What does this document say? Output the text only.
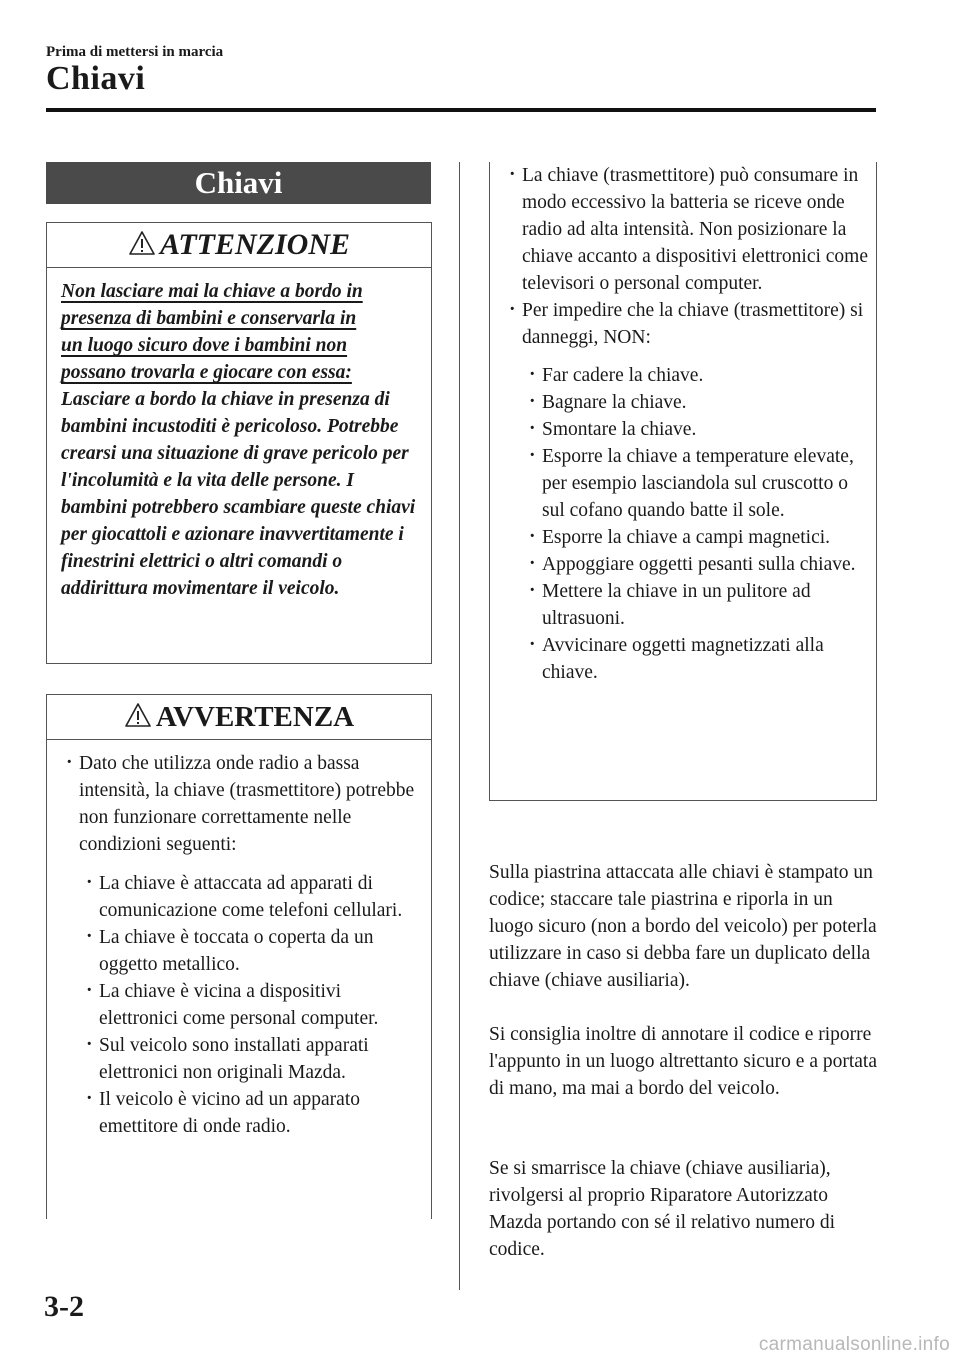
Prima di mettersi in marcia
Chiavi
Chiavi
ATTENZIONE
Non lasciare mai la chiave a bordo in
presenza di bambini e conservarla in
un luogo sicuro dove i bambini non
possano trovarla e giocare con essa:
Lasciare a bordo la chiave in presenza di bambini incustoditi è pericoloso. Potrebbe crearsi una situazione di grave pericolo per l'incolumità e la vita delle persone. I bambini potrebbero scambiare queste chiavi per giocattoli e azionare inavvertitamente i finestrini elettrici o altri comandi o addirittura movimentare il veicolo.
AVVERTENZA
· Dato che utilizza onde radio a bassa intensità, la chiave (trasmettitore) potrebbe non funzionare correttamente nelle condizioni seguenti:
· La chiave è attaccata ad apparati di comunicazione come telefoni cellulari.
· La chiave è toccata o coperta da un oggetto metallico.
· La chiave è vicina a dispositivi elettronici come personal computer.
· Sul veicolo sono installati apparati elettronici non originali Mazda.
· Il veicolo è vicino ad un apparato emettitore di onde radio.
· La chiave (trasmettitore) può consumare in modo eccessivo la batteria se riceve onde radio ad alta intensità. Non posizionare la chiave accanto a dispositivi elettronici come televisori o personal computer.
· Per impedire che la chiave (trasmettitore) si danneggi, NON:
· Far cadere la chiave.
· Bagnare la chiave.
· Smontare la chiave.
· Esporre la chiave a temperature elevate, per esempio lasciandola sul cruscotto o sul cofano quando batte il sole.
· Esporre la chiave a campi magnetici.
· Appoggiare oggetti pesanti sulla chiave.
· Mettere la chiave in un pulitore ad ultrasuoni.
· Avvicinare oggetti magnetizzati alla chiave.
Sulla piastrina attaccata alle chiavi è stampato un codice; staccare tale piastrina e riporla in un luogo sicuro (non a bordo del veicolo) per poterla utilizzare in caso si debba fare un duplicato della chiave (chiave ausiliaria).
Si consiglia inoltre di annotare il codice e riporre l'appunto in un luogo altrettanto sicuro e a portata di mano, ma mai a bordo del veicolo.
Se si smarrisce la chiave (chiave ausiliaria), rivolgersi al proprio Riparatore Autorizzato Mazda portando con sé il relativo numero di codice.
3-2
carmanualsonline.info
